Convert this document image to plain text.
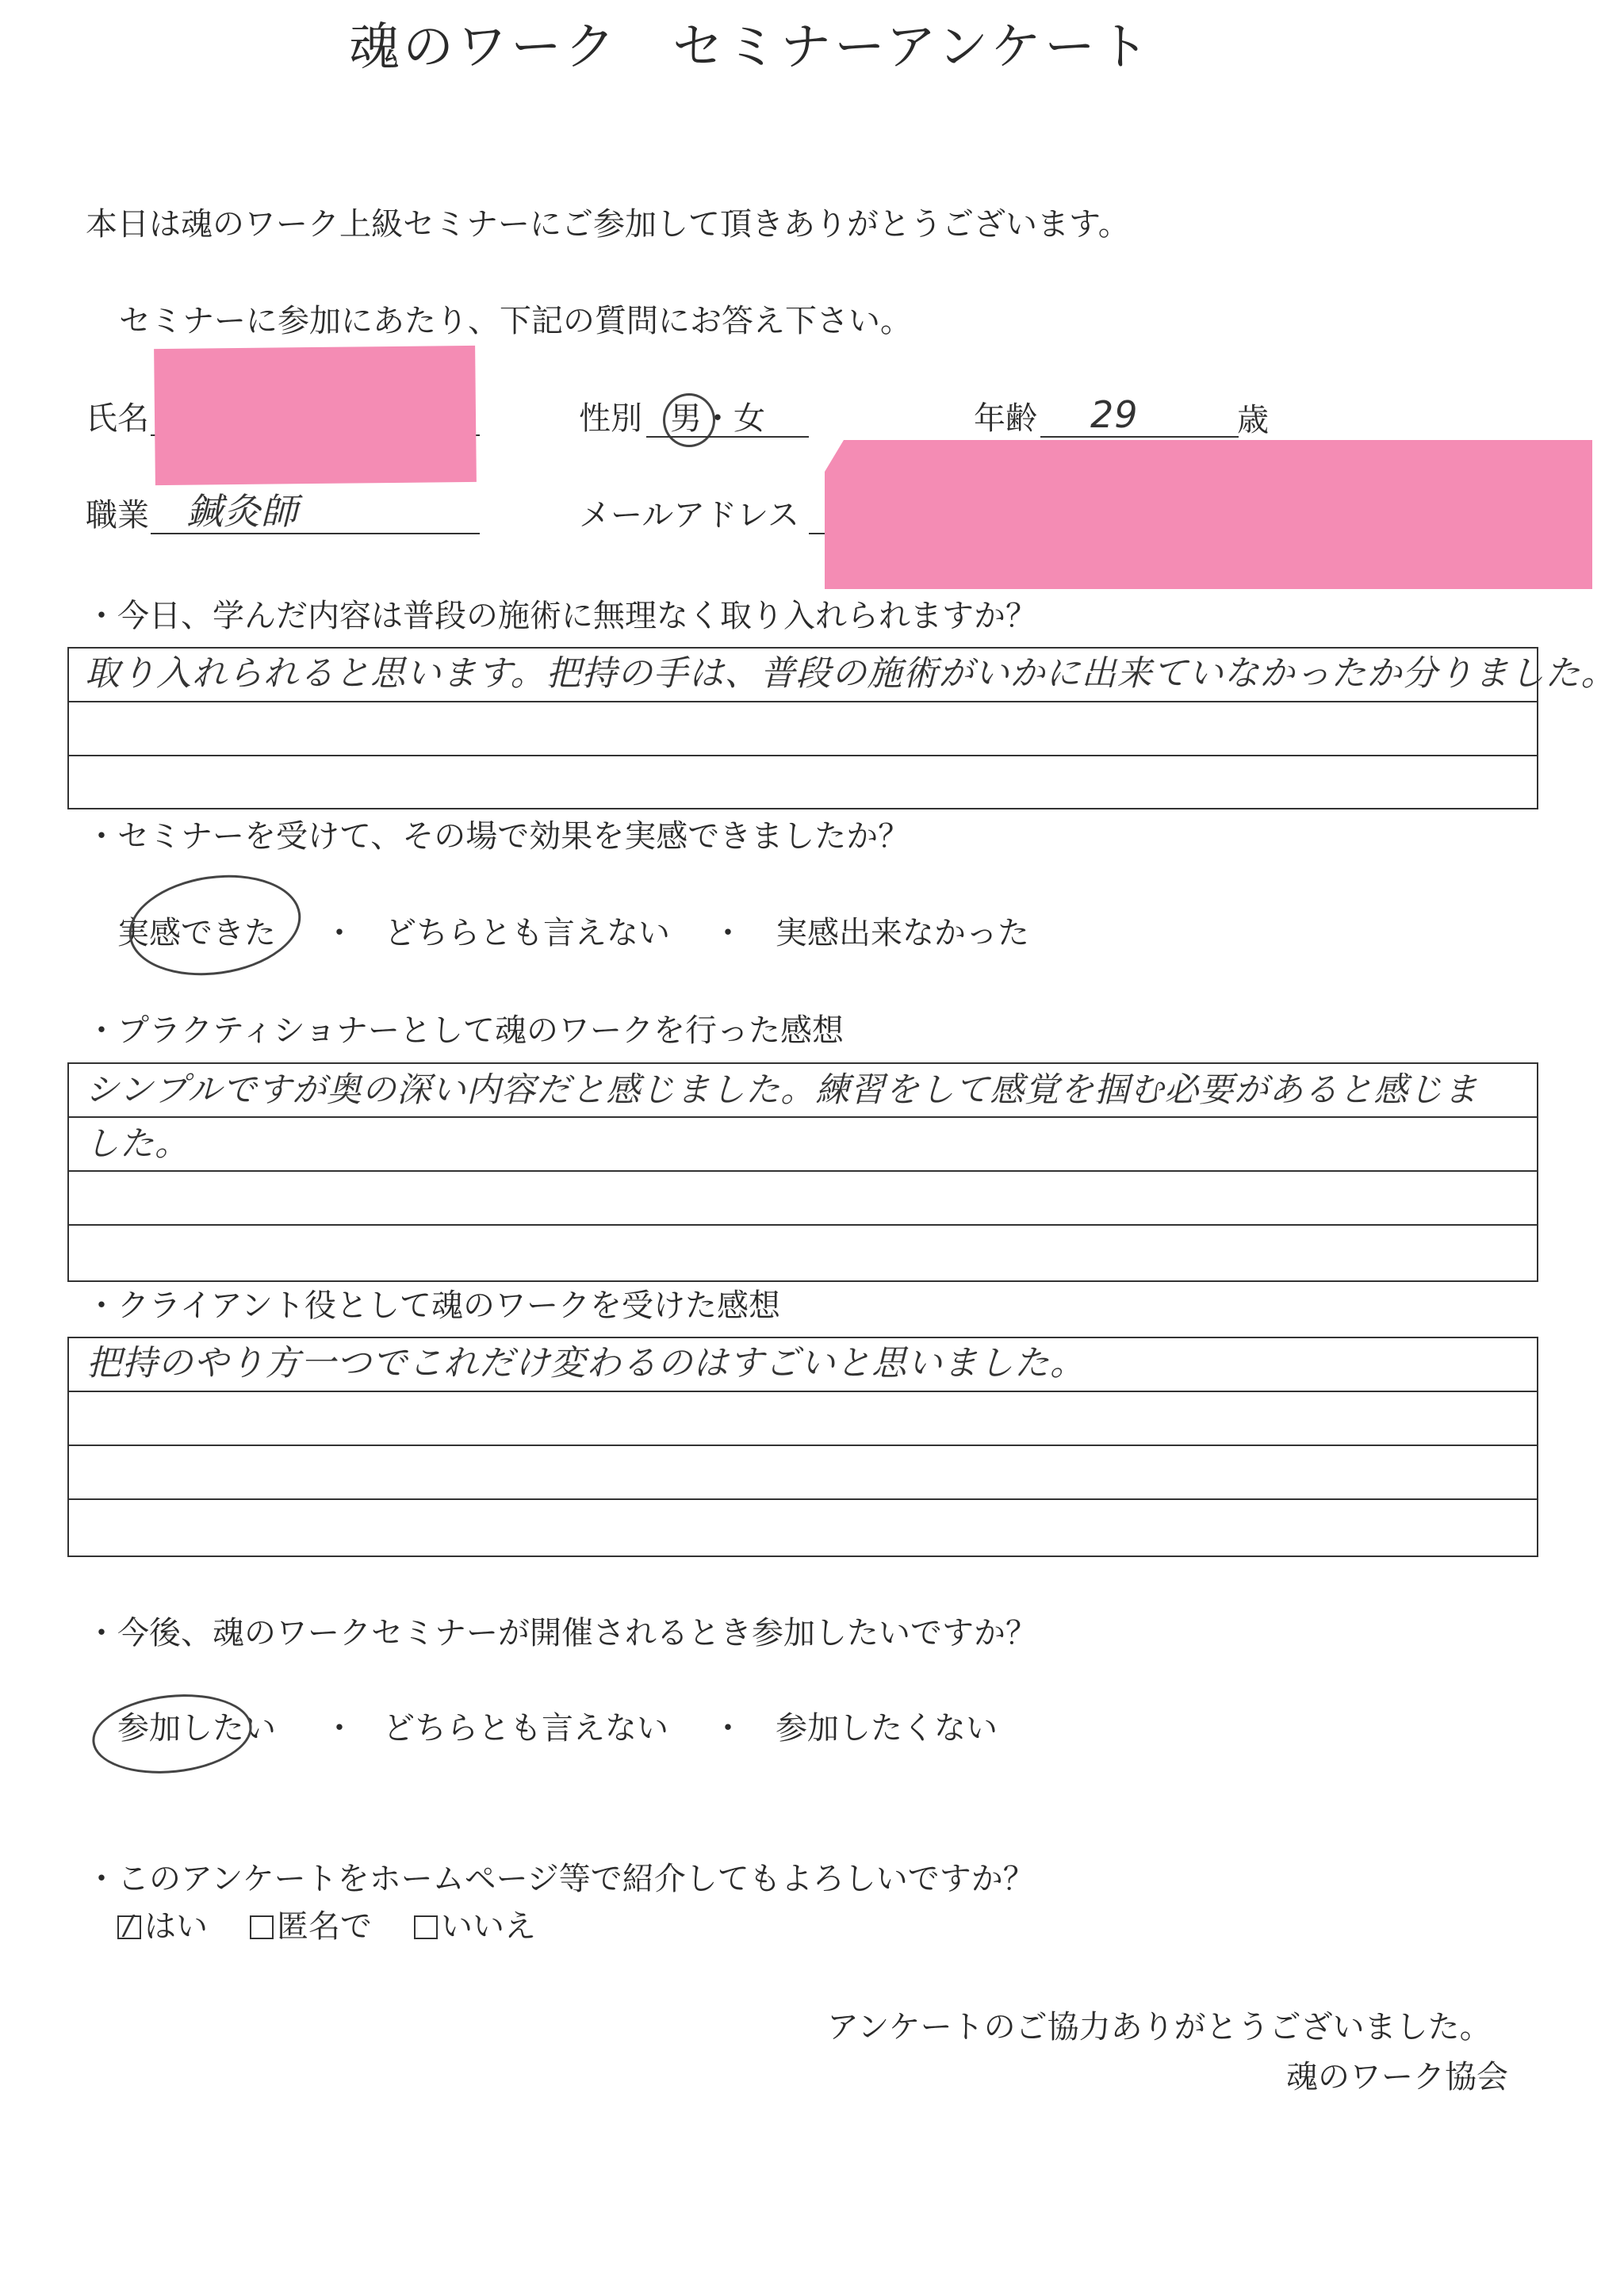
魂のワーク　セミナーアンケート
本日は魂のワーク上級セミナーにご参加して頂きありがとうございます。
セミナーに参加にあたり、下記の質問にお答え下さい。
氏名	性別 男・女	年齢 29	歳
職業 鍼灸師	メールアドレス
・今日、学んだ内容は普段の施術に無理なく取り入れられますか？
取り入れられると思います。把持の手は、普段の施術がいかに出来ていなかったか分りました。
・セミナーを受けて、その場で効果を実感できましたか？
実感できた ・ どちらとも言えない ・ 実感出来なかった
・プラクティショナーとして魂のワークを行った感想
シンプルですが奥の深い内容だと感じました。練習をして感覚を掴む必要があると感じま
した。
・クライアント役として魂のワークを受けた感想
把持のやり方一つでこれだけ変わるのはすごいと思いました。
・今後、魂のワークセミナーが開催されるとき参加したいですか？
参加したい ・ どちらとも言えない ・ 参加したくない
・このアンケートをホームページ等で紹介してもよろしいですか？
/ はい	匿名で	いいえ
アンケートのご協力ありがとうございました。
魂のワーク協会
